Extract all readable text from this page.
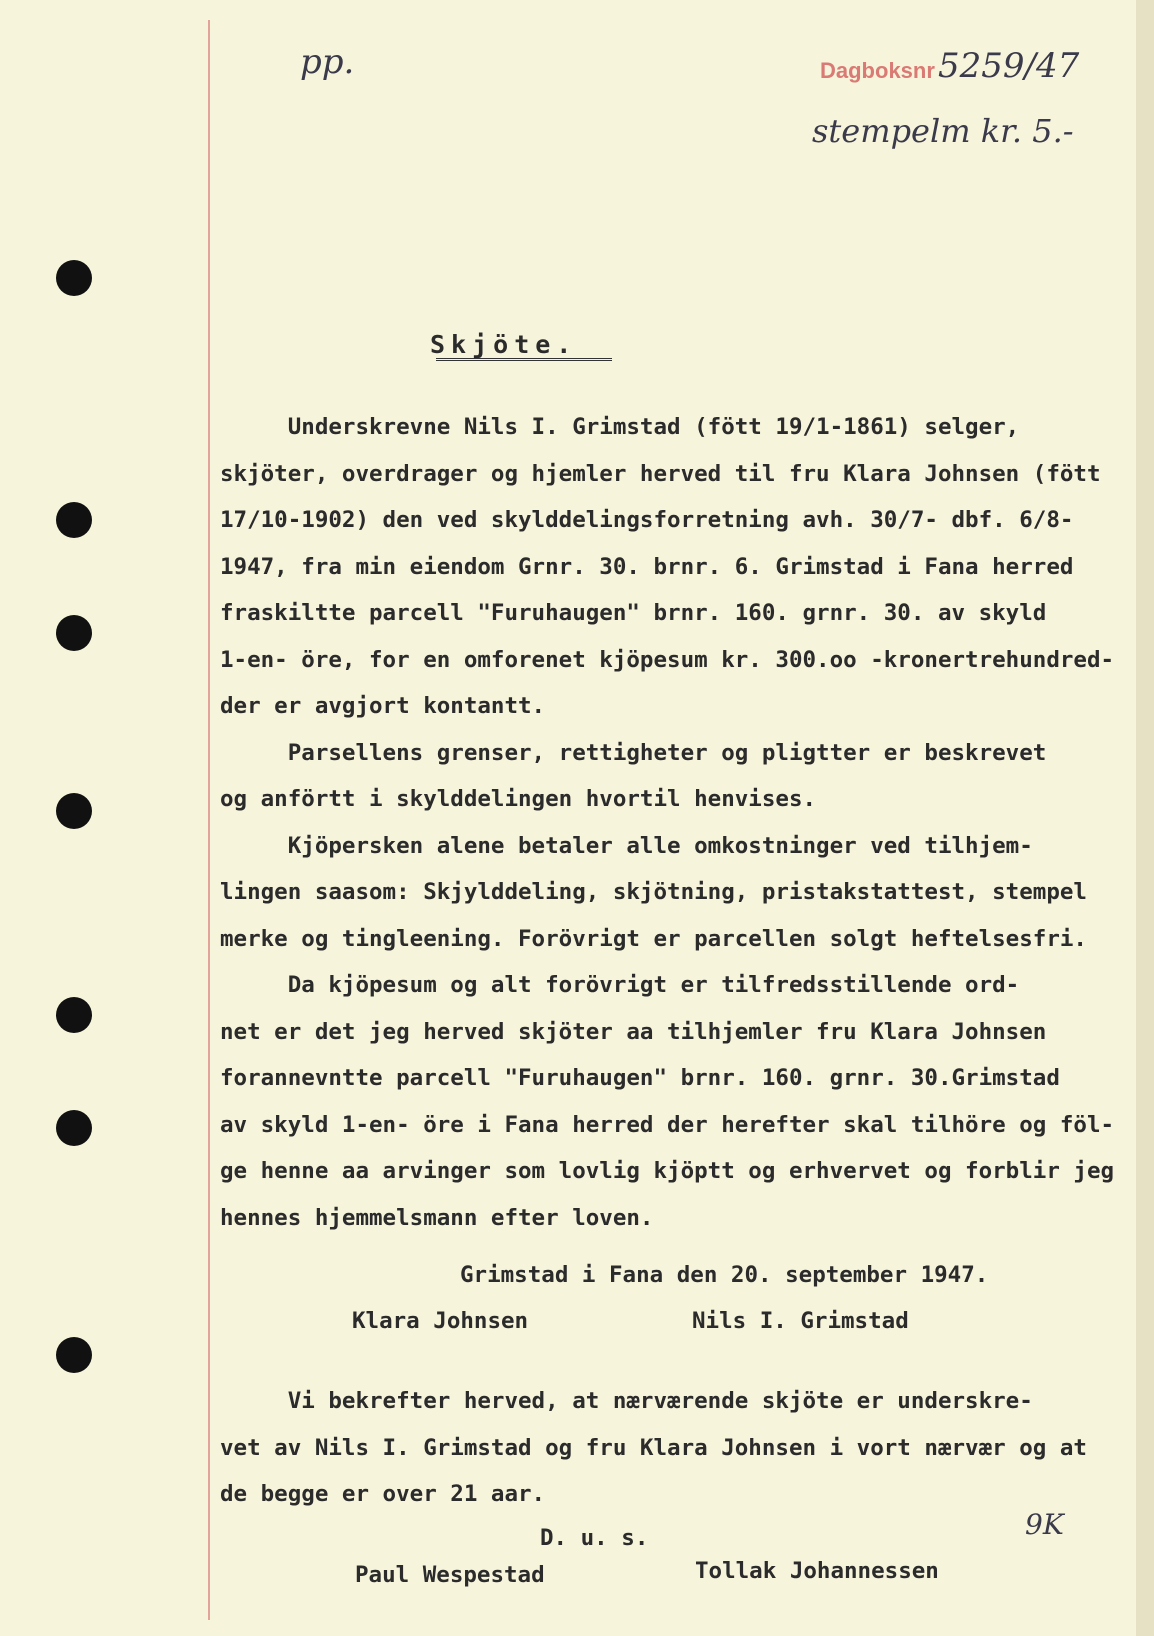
pp.	Dagboksnr 5259/47
stempelm kr. 5.-
Skjöte.
Underskrevne Nils I. Grimstad (fött 19/1-1861) selger,
skjöter, overdrager og hjemler herved til fru Klara Johnsen (fött
17/10-1902) den ved skylddelingsforretning avh. 30/7- dbf. 6/8-
1947, fra min eiendom Grnr. 30. brnr. 6. Grimstad i Fana herred
fraskiltte parcell "Furuhaugen" brnr. 160. grnr. 30. av skyld
1-en- öre, for en omforenet kjöpesum kr. 300.oo -kronertrehundred-
der er avgjort kontantt.
Parsellens grenser, rettigheter og pligtter er beskrevet
og anförtt i skylddelingen hvortil henvises.
Kjöpersken alene betaler alle omkostninger ved tilhjem-
lingen saasom: Skjylddeling, skjötning, pristakstattest, stempel
merke og tingleening. Forövrigt er parcellen solgt heftelsesfri.
Da kjöpesum og alt forövrigt er tilfredsstillende ord-
net er det jeg herved skjöter aa tilhjemler fru Klara Johnsen
forannevntte parcell "Furuhaugen" brnr. 160. grnr. 30.Grimstad
av skyld 1-en- öre i Fana herred der herefter skal tilhöre og föl-
ge henne aa arvinger som lovlig kjöptt og erhvervet og forblir jeg
hennes hjemmelsmann efter loven.
Grimstad i Fana den 20. september 1947.
Klara Johnsen	Nils I. Grimstad
Vi bekrefter herved, at nærværende skjöte er underskre-
vet av Nils I. Grimstad og fru Klara Johnsen i vort nærvær og at
de begge er over 21 aar.
D. u. s.	9K
Paul Wespestad	Tollak Johannessen
